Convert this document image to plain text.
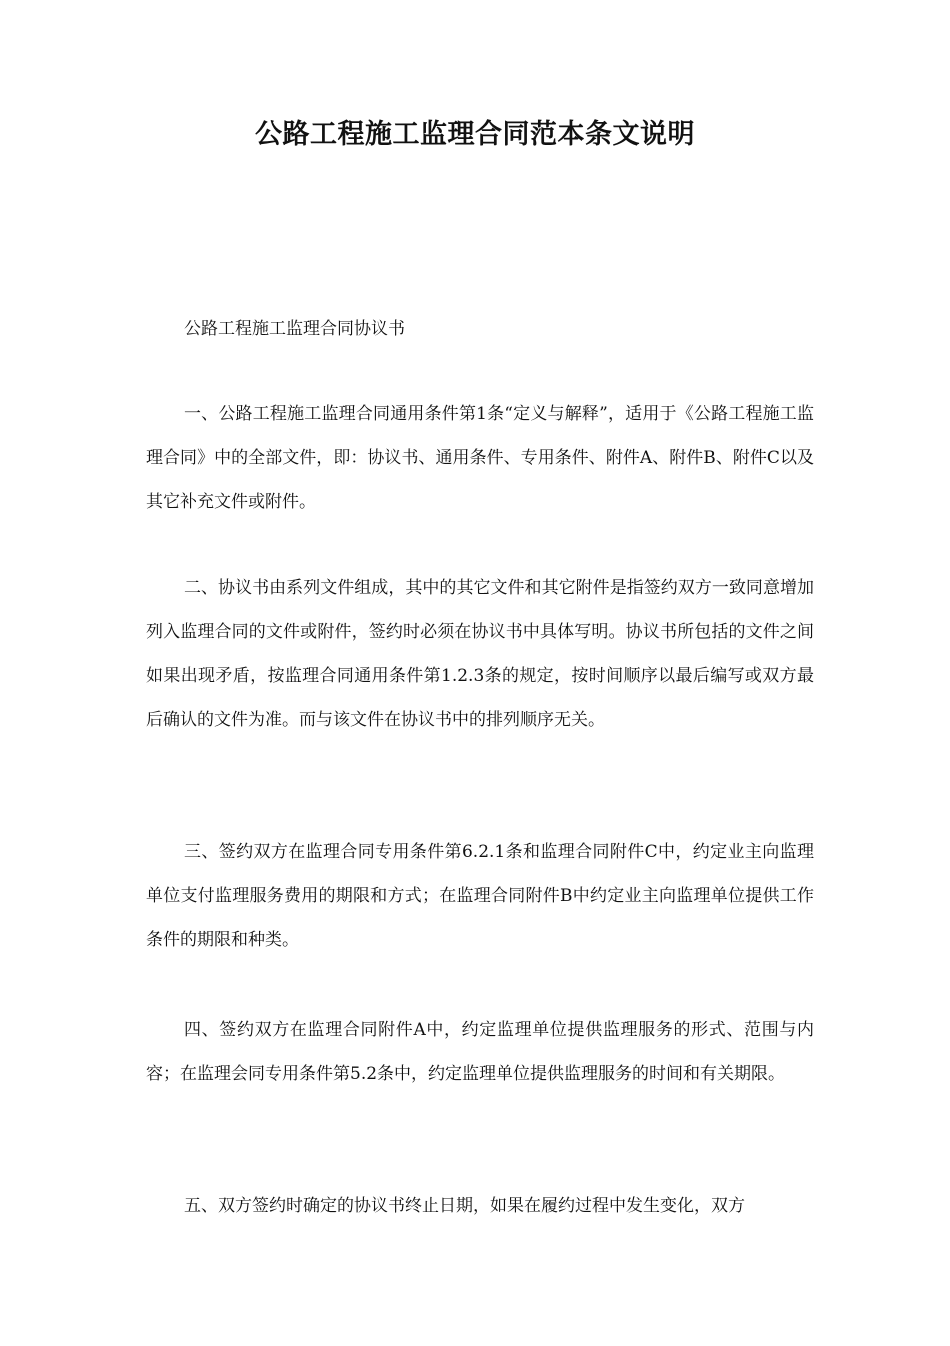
公路工程施工监理合同范本条文说明

公路工程施工监理合同协议书

一、公路工程施工监理合同通用条件第1条“定义与解释”，适用于《公路工程施工监理合同》中的全部文件，即：协议书、通用条件、专用条件、附件A、附件B、附件C以及其它补充文件或附件。

二、协议书由系列文件组成，其中的其它文件和其它附件是指签约双方一致同意增加列入监理合同的文件或附件，签约时必须在协议书中具体写明。协议书所包括的文件之间如果出现矛盾，按监理合同通用条件第1.2.3条的规定，按时间顺序以最后编写或双方最后确认的文件为准。而与该文件在协议书中的排列顺序无关。

三、签约双方在监理合同专用条件第6.2.1条和监理合同附件C中，约定业主向监理单位支付监理服务费用的期限和方式；在监理合同附件B中约定业主向监理单位提供工作条件的期限和种类。

四、签约双方在监理合同附件A中，约定监理单位提供监理服务的形式、范围与内容；在监理会同专用条件第5.2条中，约定监理单位提供监理服务的时间和有关期限。

五、双方签约时确定的协议书终止日期，如果在履约过程中发生变化，双方
